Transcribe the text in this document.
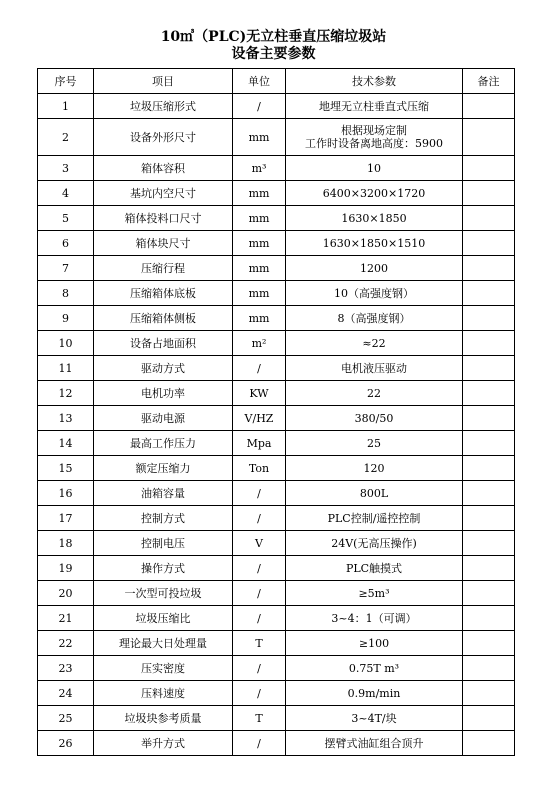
10㎥（PLC)无立柱垂直压缩垃圾站
设备主要参数
序号	项目	单位	技术参数	备注
1	垃圾压缩形式	/	地埋无立柱垂直式压缩	
2	设备外形尺寸	mm	根据现场定制
工作时设备离地高度：5900	
3	箱体容积	m³	10	
4	基坑内空尺寸	mm	6400×3200×1720	
5	箱体投料口尺寸	mm	1630×1850	
6	箱体块尺寸	mm	1630×1850×1510	
7	压缩行程	mm	1200	
8	压缩箱体底板	mm	10（高强度钢）	
9	压缩箱体侧板	mm	8（高强度钢）	
10	设备占地面积	m²	≈22	
11	驱动方式	/	电机液压驱动	
12	电机功率	KW	22	
13	驱动电源	V/HZ	380/50	
14	最高工作压力	Mpa	25	
15	额定压缩力	Ton	120	
16	油箱容量	/	800L	
17	控制方式	/	PLC控制/遥控控制	
18	控制电压	V	24V(无高压操作)	
19	操作方式	/	PLC触摸式	
20	一次型可投垃圾	/	≥5m³	
21	垃圾压缩比	/	3~4：1（可调）	
22	理论最大日处理量	T	≥100	
23	压实密度	/	0.75T m³	
24	压料速度	/	0.9m/min	
25	垃圾块参考质量	T	3~4T/块	
26	举升方式	/	摆臂式油缸组合顶升	
